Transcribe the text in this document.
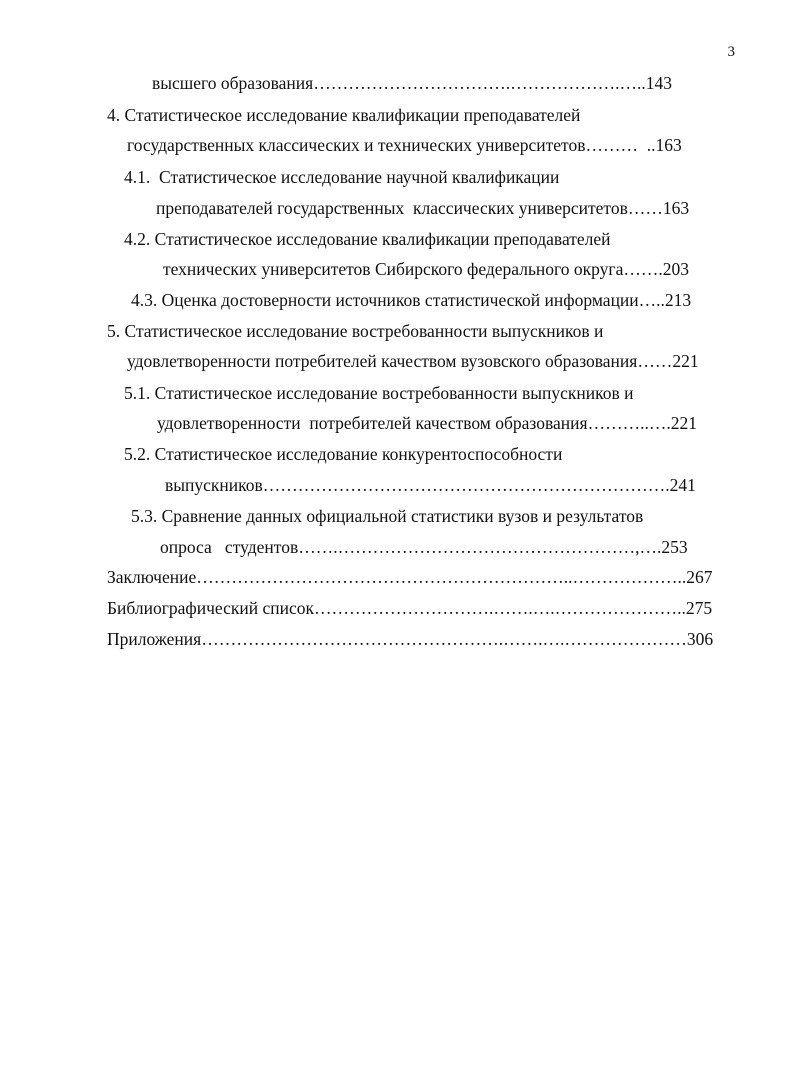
3
высшего образования…………………………….……………….…..143
4. Статистическое исследование квалификации преподавателей
государственных классических и технических университетов………  ..163
4.1.  Статистическое исследование научной квалификации
преподавателей государственных  классических университетов……163
4.2. Статистическое исследование квалификации преподавателей
технических университетов Сибирского федерального округа…….203
4.3. Оценка достоверности источников статистической информации…..213
5. Статистическое исследование востребованности выпускников и
удовлетворенности потребителей качеством вузовского образования……221
5.1. Статистическое исследование востребованности выпускников и
удовлетворенности  потребителей качеством образования………..….221
5.2. Статистическое исследование конкурентоспособности
выпускников…………………………………………………………….241
5.3. Сравнение данных официальной статистики вузов и результатов
опроса   студентов…….……………………………………………,….253
Заключение………………………………………………………..………………..267
Библиографический список………………………….…….….…………………..275
Приложения…………………………………………….…….….…………………306
